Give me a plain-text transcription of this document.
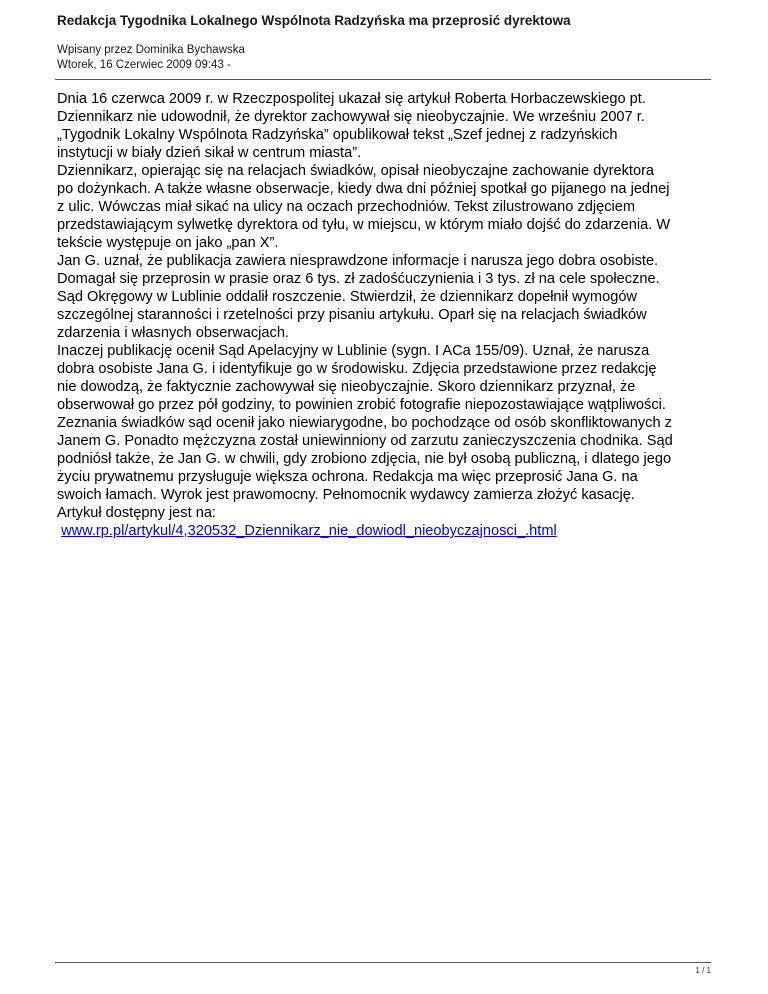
Redakcja Tygodnika Lokalnego Wspólnota Radzyńska ma przeprosić dyrektowa
Wpisany przez Dominika Bychawska
Wtorek, 16 Czerwiec 2009 09:43 -

Dnia 16 czerwca 2009 r. w Rzeczpospolitej ukazał się artykuł Roberta Horbaczewskiego pt.

Dziennikarz nie udowodnił, że dyrektor zachowywał się nieobyczajnie. We wrześniu 2007 r.

„Tygodnik Lokalny Wspólnota Radzyńska” opublikował tekst „Szef jednej z radzyńskich

instytucji w biały dzień sikał w centrum miasta”.

Dziennikarz, opierając się na relacjach świadków, opisał nieobyczajne zachowanie dyrektora

po dożynkach. A także własne obserwacje, kiedy dwa dni później spotkał go pijanego na jednej

z ulic. Wówczas miał sikać na ulicy na oczach przechodniów. Tekst zilustrowano zdjęciem

przedstawiającym sylwetkę dyrektora od tyłu, w miejscu, w którym miało dojść do zdarzenia. W

tekście występuje on jako „pan X”.

Jan G. uznał, że publikacja zawiera niesprawdzone informacje i narusza jego dobra osobiste.

Domagał się przeprosin w prasie oraz 6 tys. zł zadośćuczynienia i 3 tys. zł na cele społeczne.

Sąd Okręgowy w Lublinie oddalił roszczenie. Stwierdził, że dziennikarz dopełnił wymogów

szczególnej staranności i rzetelności przy pisaniu artykułu. Oparł się na relacjach świadków

zdarzenia i własnych obserwacjach.

Inaczej publikację ocenił Sąd Apelacyjny w Lublinie (sygn. I ACa 155/09). Uznał, że narusza

dobra osobiste Jana G. i identyfikuje go w środowisku. Zdjęcia przedstawione przez redakcję

nie dowodzą, że faktycznie zachowywał się nieobyczajnie. Skoro dziennikarz przyznał, że

obserwował go przez pół godziny, to powinien zrobić fotografie niepozostawiające wątpliwości.

Zeznania świadków sąd ocenił jako niewiarygodne, bo pochodzące od osób skonfliktowanych z

Janem G. Ponadto mężczyzna został uniewinniony od zarzutu zanieczyszczenia chodnika. Sąd

podniósł także, że Jan G. w chwili, gdy zrobiono zdjęcia, nie był osobą publiczną, i dlatego jego

życiu prywatnemu przysługuje większa ochrona. Redakcja ma więc przeprosić Jana G. na

swoich łamach. Wyrok jest prawomocny. Pełnomocnik wydawcy zamierza złożyć kasację.

Artykuł dostępny jest na:

www.rp.pl/artykul/4,320532_Dziennikarz_nie_dowiodl_nieobyczajnosci_.html

1 / 1
